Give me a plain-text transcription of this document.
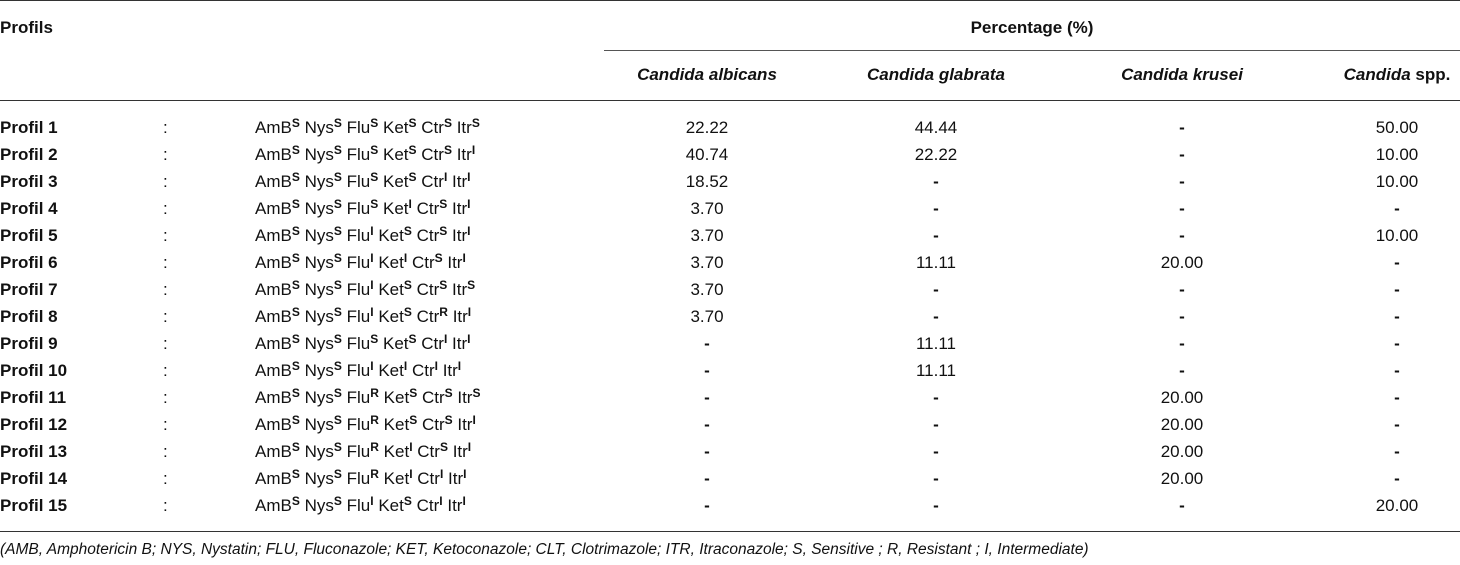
Profils	Percentage (%)
Candida albicans	Candida glabrata	Candida krusei	Candida spp.
Profil 1	:	AmB$^S$ Nys$^S$ Flu$^S$ Ket$^S$ Ctr$^S$ Itr$^S$	22.22	44.44	-	50.00
Profil 2	:	AmB$^S$ Nys$^S$ Flu$^S$ Ket$^S$ Ctr$^S$ Itr$^I$	40.74	22.22	-	10.00
Profil 3	:	AmB$^S$ Nys$^S$ Flu$^S$ Ket$^S$ Ctr$^I$ Itr$^I$	18.52	-	-	10.00
Profil 4	:	AmB$^S$ Nys$^S$ Flu$^S$ Ket$^I$ Ctr$^S$ Itr$^I$	3.70	-	-	-
Profil 5	:	AmB$^S$ Nys$^S$ Flu$^I$ Ket$^S$ Ctr$^S$ Itr$^I$	3.70	-	-	10.00
Profil 6	:	AmB$^S$ Nys$^S$ Flu$^I$ Ket$^I$ Ctr$^S$ Itr$^I$	3.70	11.11	20.00	-
Profil 7	:	AmB$^S$ Nys$^S$ Flu$^I$ Ket$^S$ Ctr$^S$ Itr$^S$	3.70	-	-	-
Profil 8	:	AmB$^S$ Nys$^S$ Flu$^I$ Ket$^S$ Ctr$^R$ Itr$^I$	3.70	-	-	-
Profil 9	:	AmB$^S$ Nys$^S$ Flu$^S$ Ket$^S$ Ctr$^I$ Itr$^I$	-	11.11	-	-
Profil 10	:	AmB$^S$ Nys$^S$ Flu$^I$ Ket$^I$ Ctr$^I$ Itr$^I$	-	11.11	-	-
Profil 11	:	AmB$^S$ Nys$^S$ Flu$^R$ Ket$^S$ Ctr$^S$ Itr$^S$	-	-	20.00	-
Profil 12	:	AmB$^S$ Nys$^S$ Flu$^R$ Ket$^S$ Ctr$^S$ Itr$^I$	-	-	20.00	-
Profil 13	:	AmB$^S$ Nys$^S$ Flu$^R$ Ket$^I$ Ctr$^S$ Itr$^I$	-	-	20.00	-
Profil 14	:	AmB$^S$ Nys$^S$ Flu$^R$ Ket$^I$ Ctr$^I$ Itr$^I$	-	-	20.00	-
Profil 15	:	AmB$^S$ Nys$^S$ Flu$^I$ Ket$^S$ Ctr$^I$ Itr$^I$	-	-	-	20.00
(AMB, Amphotericin B; NYS, Nystatin; FLU, Fluconazole; KET, Ketoconazole; CLT, Clotrimazole; ITR, Itraconazole; S, Sensitive ; R, Resistant ; I, Intermediate)
